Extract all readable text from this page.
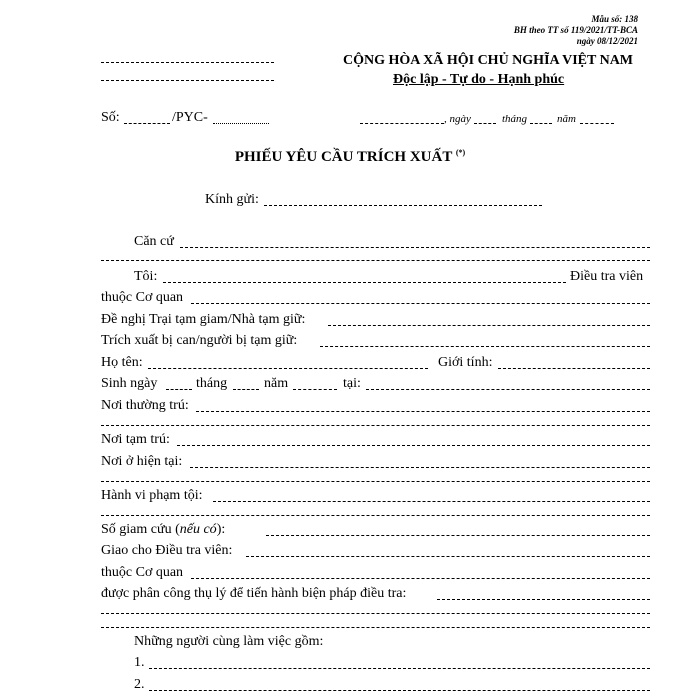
Mẫu số: 138
BH theo TT số 119/2021/TT-BCA
ngày 08/12/2021
CỘNG HÒA XÃ HỘI CHỦ NGHĨA VIỆT NAM
Độc lập - Tự do - Hạnh phúc
Số:	/PYC-	, ngày	tháng	năm
PHIẾU YÊU CẦU TRÍCH XUẤT (*)
Kính gửi:
Căn cứ
Tôi:	Điều tra viên
thuộc Cơ quan
Đề nghị Trại tạm giam/Nhà tạm giữ:
Trích xuất bị can/người bị tạm giữ:
Họ tên:	Giới tính:
Sinh ngày	tháng	năm	tại:
Nơi thường trú:
Nơi tạm trú:
Nơi ở hiện tại:
Hành vi phạm tội:
Số giam cứu (nếu có):
Giao cho Điều tra viên:
thuộc Cơ quan
được phân công thụ lý để tiến hành biện pháp điều tra:
Những người cùng làm việc gồm:
1.
2.
